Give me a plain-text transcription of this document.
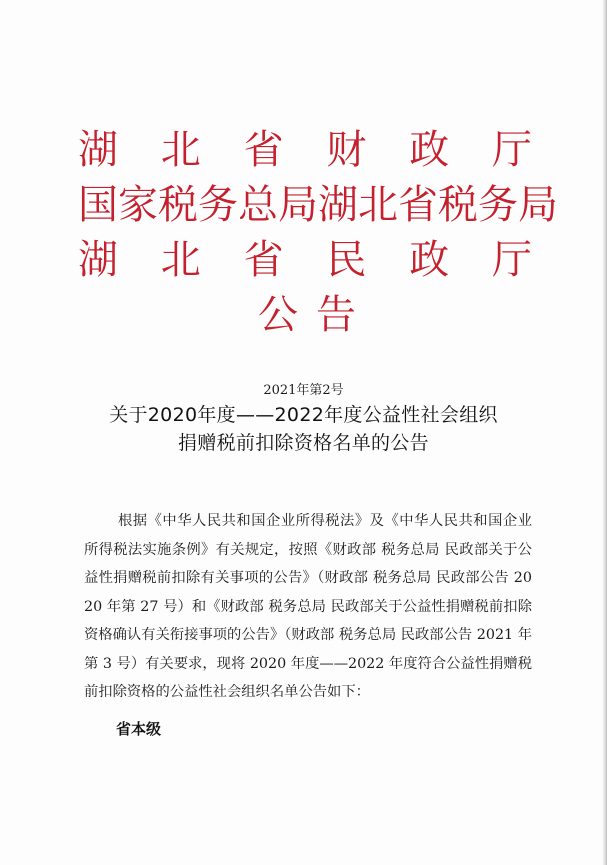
湖 北 省 财 政 厅
国 家 税 务 总 局 湖 北 省 税 务 局
湖 北 省 民 政 厅
公 告
2021年第2号
关于2020年度——2022年度公益性社会组织
捐赠税前扣除资格名单的公告
根据《中华人民共和国企业所得税法》及《中华人民共和国企业所得税法实施条例》有关规定，按照《财政部 税务总局 民政部关于公益性捐赠税前扣除有关事项的公告》（财政部 税务总局 民政部公告 2020 年第 27 号）和《财政部 税务总局 民政部关于公益性捐赠税前扣除资格确认有关衔接事项的公告》（财政部 税务总局 民政部公告 2021 年第 3 号）有关要求，现将 2020 年度——2022 年度符合公益性捐赠税前扣除资格的公益性社会组织名单公告如下：
省本级
